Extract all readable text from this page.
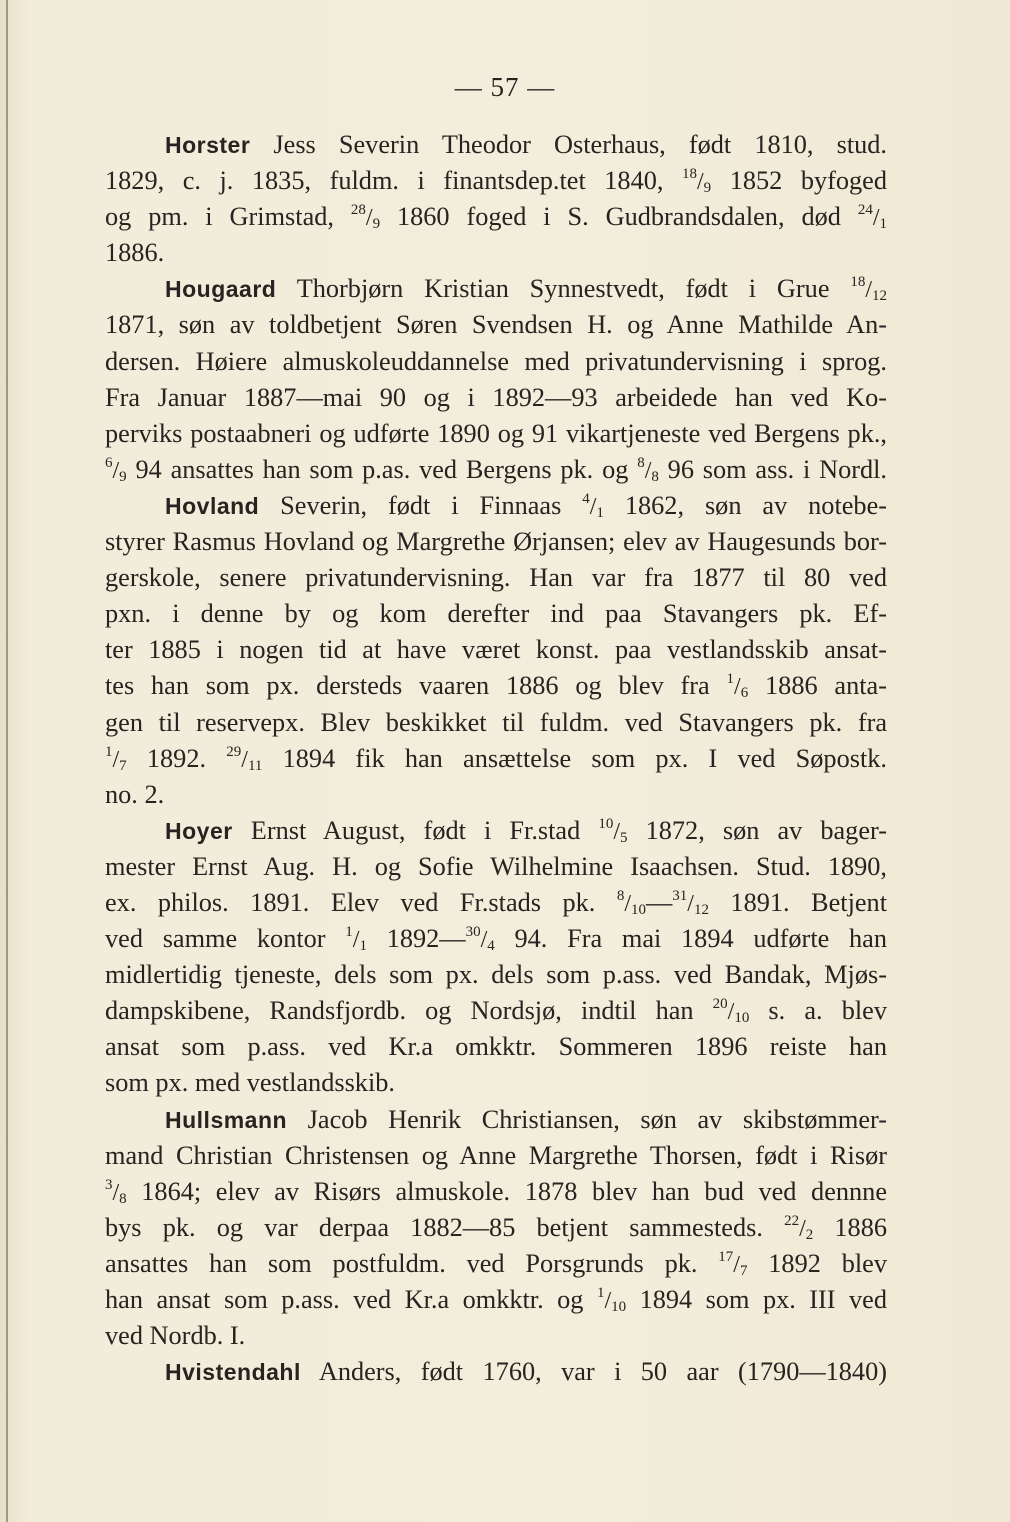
— 57 —
Horster Jess Severin Theodor Osterhaus, født 1810, stud.
1829, c. j. 1835, fuldm. i finantsdep.tet 1840, $^{18}/_9$ 1852 byfoged
og pm. i Grimstad, $^{28}/_9$ 1860 foged i S. Gudbrandsdalen, død $^{24}/_1$
1886.
Hougaard Thorbjørn Kristian Synnestvedt, født i Grue $^{18}/_{12}$
1871, søn av toldbetjent Søren Svendsen H. og Anne Mathilde An-
dersen. Høiere almuskoleuddannelse med privatundervisning i sprog.
Fra Januar 1887—mai 90 og i 1892—93 arbeidede han ved Ko-
perviks postaabneri og udførte 1890 og 91 vikartjeneste ved Bergens pk.,
$^6/_9$ 94 ansattes han som p.as. ved Bergens pk. og $^8/_8$ 96 som ass. i Nordl.
Hovland Severin, født i Finnaas $^4/_1$ 1862, søn av notebe-
styrer Rasmus Hovland og Margrethe Ørjansen; elev av Haugesunds bor-
gerskole, senere privatundervisning. Han var fra 1877 til 80 ved
pxn. i denne by og kom derefter ind paa Stavangers pk. Ef-
ter 1885 i nogen tid at have været konst. paa vestlandsskib ansat-
tes han som px. dersteds vaaren 1886 og blev fra $^1/_6$ 1886 anta-
gen til reservepx. Blev beskikket til fuldm. ved Stavangers pk. fra
$^1/_7$ 1892. $^{29}/_{11}$ 1894 fik han ansættelse som px. I ved Søpostk.
no. 2.
Hoyer Ernst August, født i Fr.stad $^{10}/_5$ 1872, søn av bager-
mester Ernst Aug. H. og Sofie Wilhelmine Isaachsen. Stud. 1890,
ex. philos. 1891. Elev ved Fr.stads pk. $^8/_{10}—^{31}/_{12}$ 1891. Betjent
ved samme kontor $^1/_1$ $1892—^{30}/_4$ 94. Fra mai 1894 udførte han
midlertidig tjeneste, dels som px. dels som p.ass. ved Bandak, Mjøs-
dampskibene, Randsfjordb. og Nordsjø, indtil han $^{20}/_{10}$ s. a. blev
ansat som p.ass. ved Kr.a omkktr. Sommeren 1896 reiste han
som px. med vestlandsskib.
Hullsmann Jacob Henrik Christiansen, søn av skibstømmer-
mand Christian Christensen og Anne Margrethe Thorsen, født i Risør
$^3/_8$ 1864; elev av Risørs almuskole. 1878 blev han bud ved dennne
bys pk. og var derpaa 1882—85 betjent sammesteds. $^{22}/_2$ 1886
ansattes han som postfuldm. ved Porsgrunds pk. $^{17}/_7$ 1892 blev
han ansat som p.ass. ved Kr.a omkktr. og $^1/_{10}$ 1894 som px. III ved
ved Nordb. I.
Hvistendahl Anders, født 1760, var i 50 aar (1790—1840)
